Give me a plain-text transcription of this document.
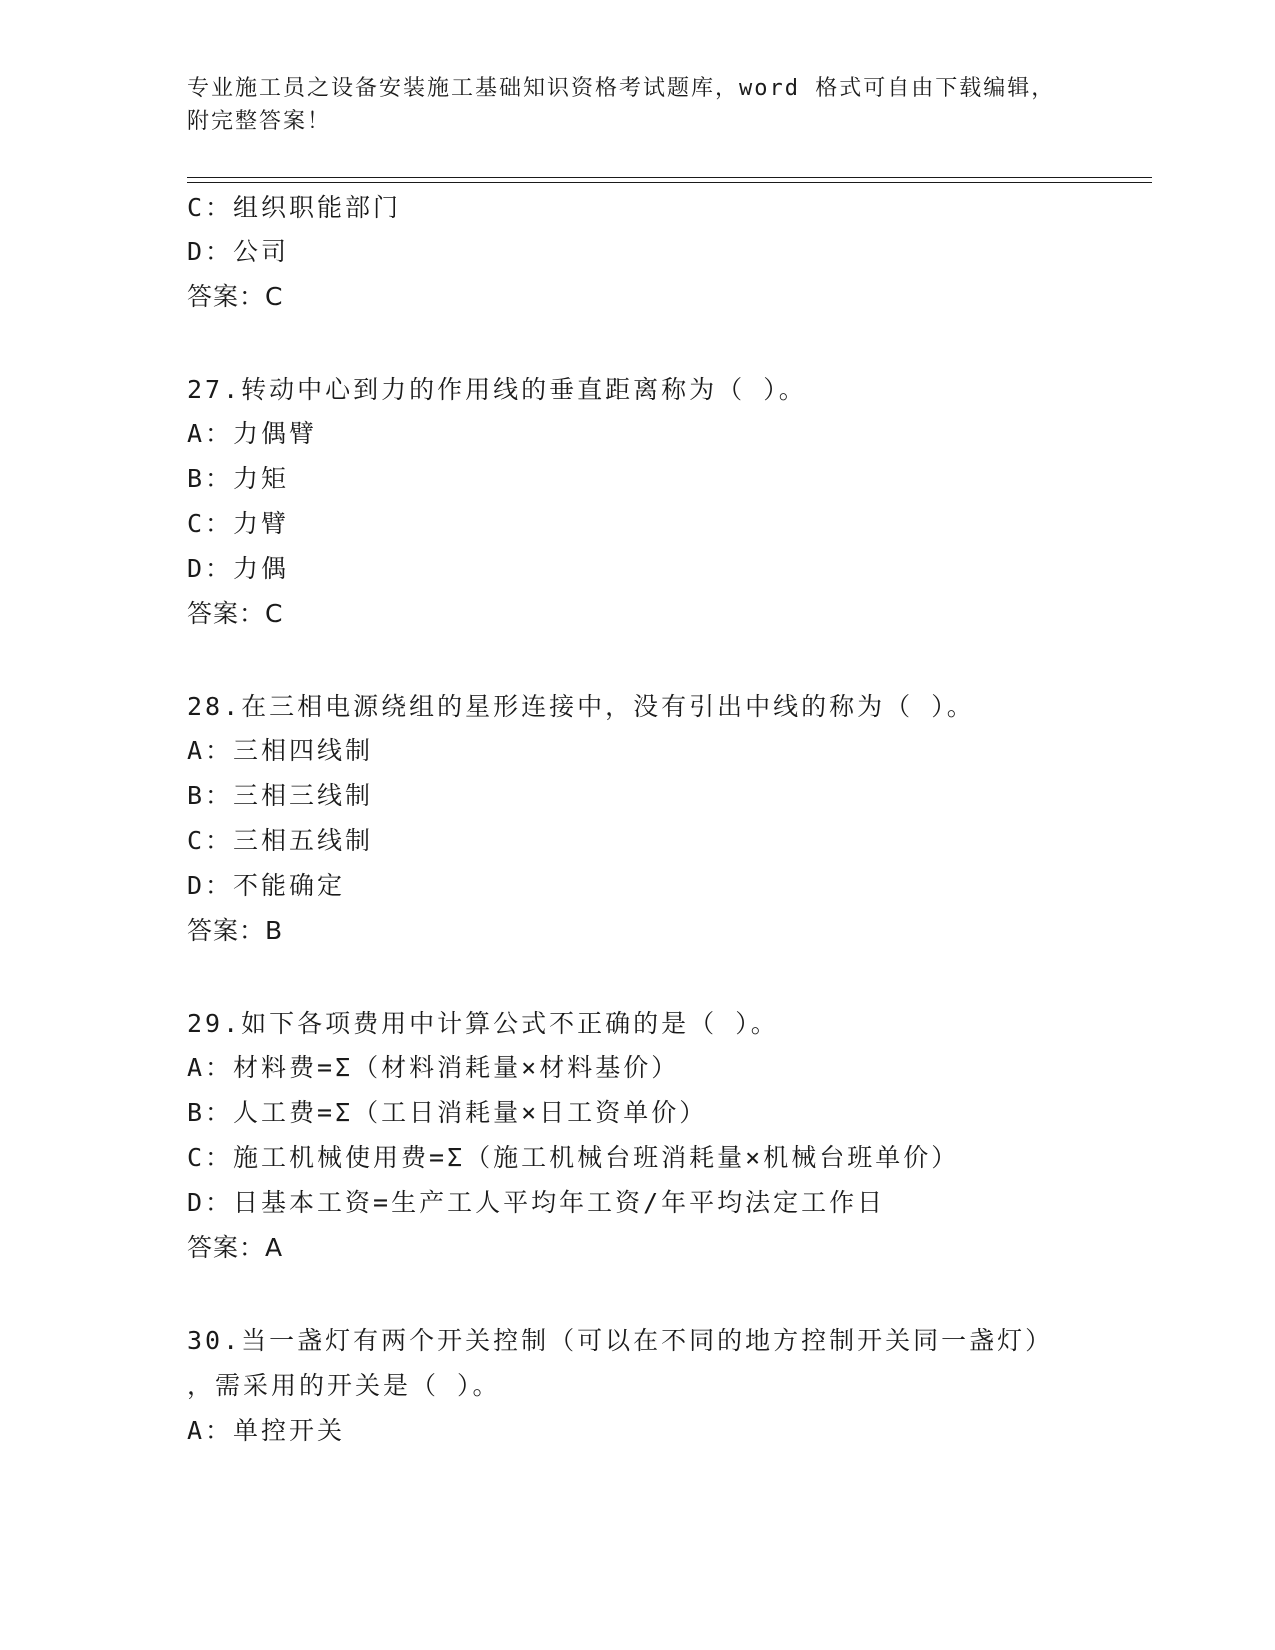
专业施工员之设备安装施工基础知识资格考试题库，word 格式可自由下载编辑，
附完整答案！
C：组织职能部门
D：公司
答案：C
27.转动中心到力的作用线的垂直距离称为（ ）。
A：力偶臂
B：力矩
C：力臂
D：力偶
答案：C
28.在三相电源绕组的星形连接中，没有引出中线的称为（ ）。
A：三相四线制
B：三相三线制
C：三相五线制
D：不能确定
答案：B
29.如下各项费用中计算公式不正确的是（ ）。
A：材料费=Σ（材料消耗量×材料基价）
B：人工费=Σ（工日消耗量×日工资单价）
C：施工机械使用费=Σ（施工机械台班消耗量×机械台班单价）
D：日基本工资=生产工人平均年工资/年平均法定工作日
答案：A
30.当一盏灯有两个开关控制（可以在不同的地方控制开关同一盏灯）
，需采用的开关是（ ）。
A：单控开关
